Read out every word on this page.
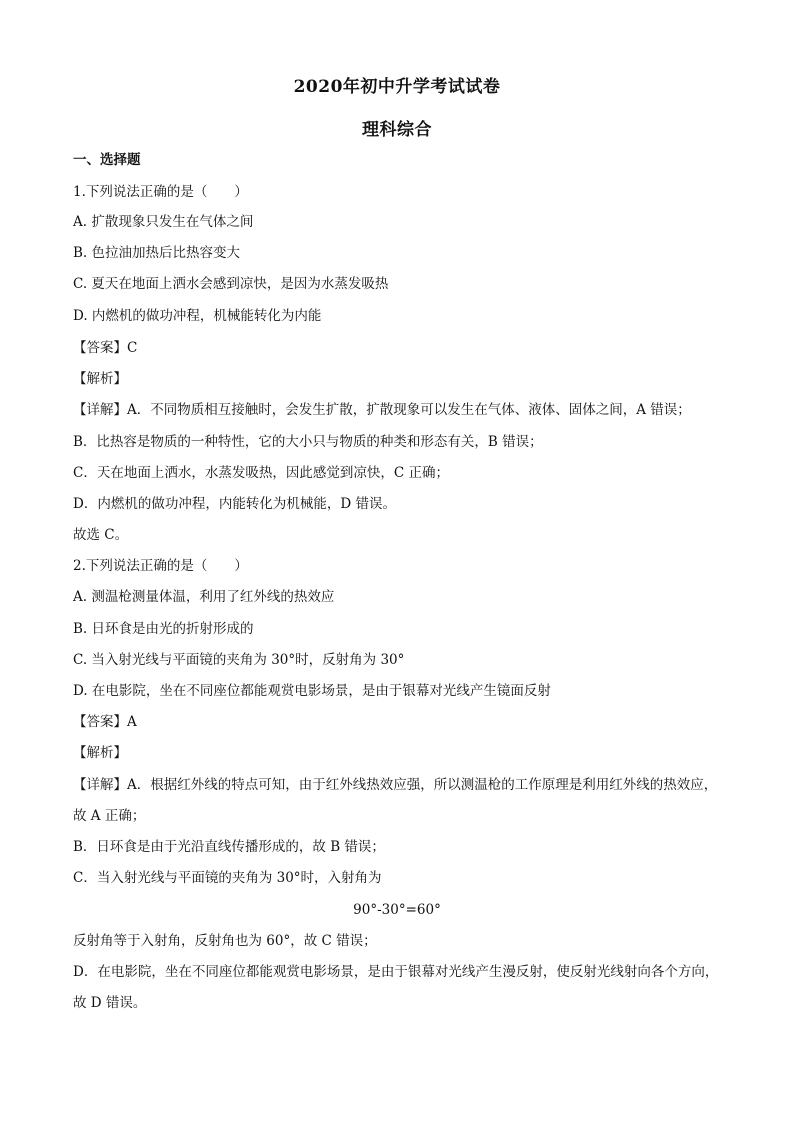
2020年初中升学考试试卷
理科综合
一、选择题
1.下列说法正确的是（　　）
A. 扩散现象只发生在气体之间
B. 色拉油加热后比热容变大
C. 夏天在地面上洒水会感到凉快，是因为水蒸发吸热
D. 内燃机的做功冲程，机械能转化为内能
【答案】C
【解析】
【详解】A．不同物质相互接触时，会发生扩散，扩散现象可以发生在气体、液体、固体之间，A 错误；
B．比热容是物质的一种特性，它的大小只与物质的种类和形态有关，B 错误；
C．天在地面上洒水，水蒸发吸热，因此感觉到凉快，C 正确；
D．内燃机的做功冲程，内能转化为机械能，D 错误。
故选 C。
2.下列说法正确的是（　　）
A. 测温枪测量体温，利用了红外线的热效应
B. 日环食是由光的折射形成的
C. 当入射光线与平面镜的夹角为 30°时，反射角为 30°
D. 在电影院，坐在不同座位都能观赏电影场景，是由于银幕对光线产生镜面反射
【答案】A
【解析】
【详解】A．根据红外线的特点可知，由于红外线热效应强，所以测温枪的工作原理是利用红外线的热效应，
故 A 正确；
B．日环食是由于光沿直线传播形成的，故 B 错误；
C．当入射光线与平面镜的夹角为 30°时，入射角为
90°-30°=60°
反射角等于入射角，反射角也为 60°，故 C 错误；
D．在电影院，坐在不同座位都能观赏电影场景，是由于银幕对光线产生漫反射，使反射光线射向各个方向，
故 D 错误。
